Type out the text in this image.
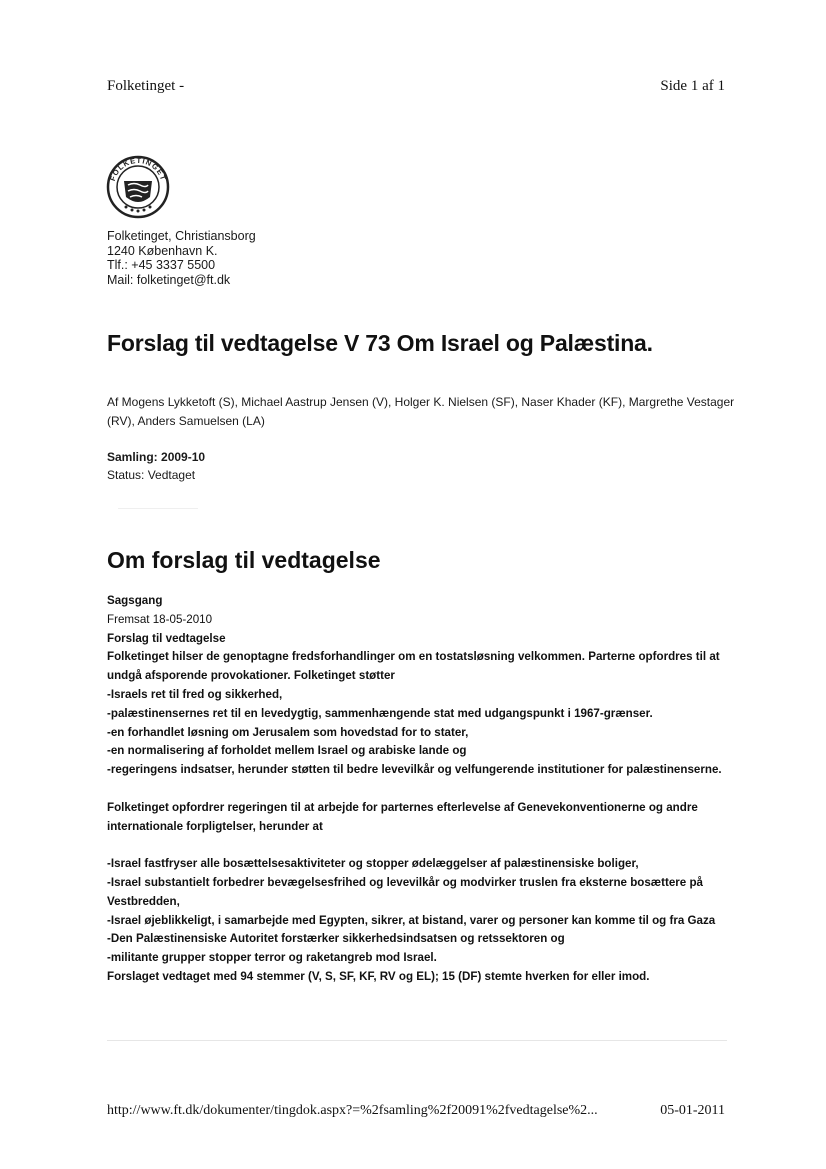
Folketinget -	Side 1 af 1
FOLKETINGET
Folketinget, Christiansborg
1240 København K.
Tlf.: +45 3337 5500
Mail: folketinget@ft.dk
Forslag til vedtagelse V 73 Om Israel og Palæstina.
Af Mogens Lykketoft (S), Michael Aastrup Jensen (V), Holger K. Nielsen (SF), Naser Khader (KF), Margrethe Vestager (RV), Anders Samuelsen (LA)
Samling: 2009-10
Status: Vedtaget
Om forslag til vedtagelse
Sagsgang
Fremsat 18-05-2010
Forslag til vedtagelse
Folketinget hilser de genoptagne fredsforhandlinger om en tostatsløsning velkommen. Parterne opfordres til at undgå afsporende provokationer. Folketinget støtter
-Israels ret til fred og sikkerhed,
-palæstinensernes ret til en levedygtig, sammenhængende stat med udgangspunkt i 1967-grænser.
-en forhandlet løsning om Jerusalem som hovedstad for to stater,
-en normalisering af forholdet mellem Israel og arabiske lande og
-regeringens indsatser, herunder støtten til bedre levevilkår og velfungerende institutioner for palæstinenserne.
Folketinget opfordrer regeringen til at arbejde for parternes efterlevelse af Genevekonventionerne og andre internationale forpligtelser, herunder at
-Israel fastfryser alle bosættelsesaktiviteter og stopper ødelæggelser af palæstinensiske boliger,
-Israel substantielt forbedrer bevægelsesfrihed og levevilkår og modvirker truslen fra eksterne bosættere på Vestbredden,
-Israel øjeblikkeligt, i samarbejde med Egypten, sikrer, at bistand, varer og personer kan komme til og fra Gaza
-Den Palæstinensiske Autoritet forstærker sikkerhedsindsatsen og retssektoren og
-militante grupper stopper terror og raketangreb mod Israel.
Forslaget vedtaget med 94 stemmer (V, S, SF, KF, RV og EL); 15 (DF) stemte hverken for eller imod.
http://www.ft.dk/dokumenter/tingdok.aspx?=%2fsamling%2f20091%2fvedtagelse%2...	05-01-2011
